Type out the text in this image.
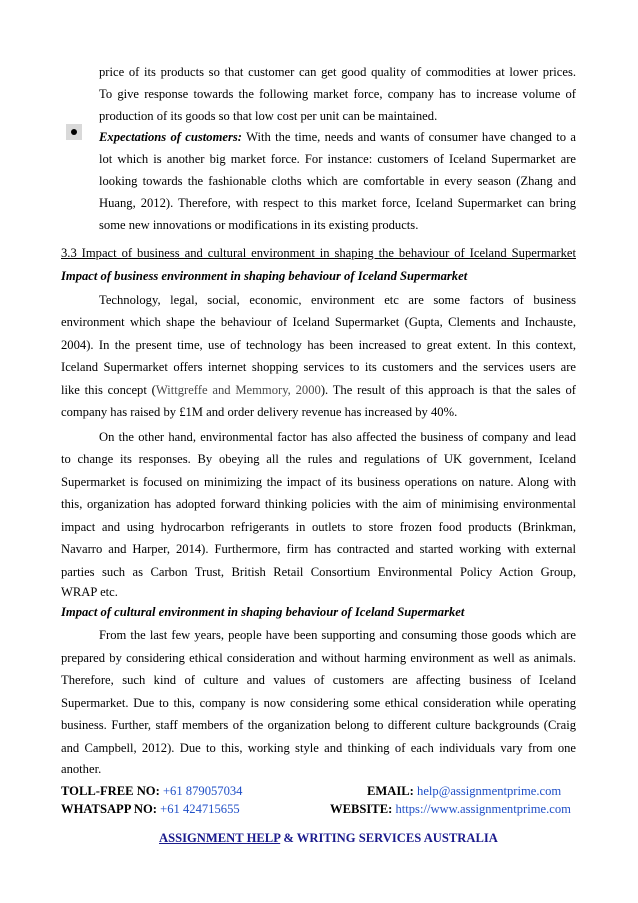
price of its products so that customer can get good quality of commodities at lower prices.
To give response towards the following market force, company has to increase volume of
production of its goods so that low cost per unit can be maintained.
Expectations of customers: With the time, needs and wants of consumer have changed to a
lot which is another big market force. For instance: customers of Iceland Supermarket are
looking towards the fashionable cloths which are comfortable in every season (Zhang and
Huang, 2012). Therefore, with respect to this market force, Iceland Supermarket can bring
some new innovations or modifications in its existing products.
3.3 Impact of business and cultural environment in shaping the behaviour of Iceland Supermarket
Impact of business environment in shaping behaviour of Iceland Supermarket
Technology, legal, social, economic, environment etc are some factors of business
environment which shape the behaviour of Iceland Supermarket (Gupta, Clements and Inchauste,
2004). In the present time, use of technology has been increased to great extent. In this context,
Iceland Supermarket offers internet shopping services to its customers and the services users are
like this concept (Wittgreffe and Memmory, 2000). The result of this approach is that the sales of
company has raised by £1M and order delivery revenue has increased by 40%.
On the other hand, environmental factor has also affected the business of company and lead
to change its responses. By obeying all the rules and regulations of UK government, Iceland
Supermarket is focused on minimizing the impact of its business operations on nature. Along with
this, organization has adopted forward thinking policies with the aim of minimising environmental
impact and using hydrocarbon refrigerants in outlets to store frozen food products (Brinkman,
Navarro and Harper, 2014). Furthermore, firm has contracted and started working with external
parties such as Carbon Trust, British Retail Consortium Environmental Policy Action Group,
WRAP etc.
Impact of cultural environment in shaping behaviour of Iceland Supermarket
From the last few years, people have been supporting and consuming those goods which are
prepared by considering ethical consideration and without harming environment as well as animals.
Therefore, such kind of culture and values of customers are affecting business of Iceland
Supermarket. Due to this, company is now considering some ethical consideration while operating
business. Further, staff members of the organization belong to different culture backgrounds (Craig
and Campbell, 2012). Due to this, working style and thinking of each individuals vary from one
another.
TOLL-FREE NO: +61 879057034	EMAIL: help@assignmentprime.com
WHATSAPP NO: +61 424715655	WEBSITE: https://www.assignmentprime.com
ASSIGNMENT HELP & WRITING SERVICES AUSTRALIA
